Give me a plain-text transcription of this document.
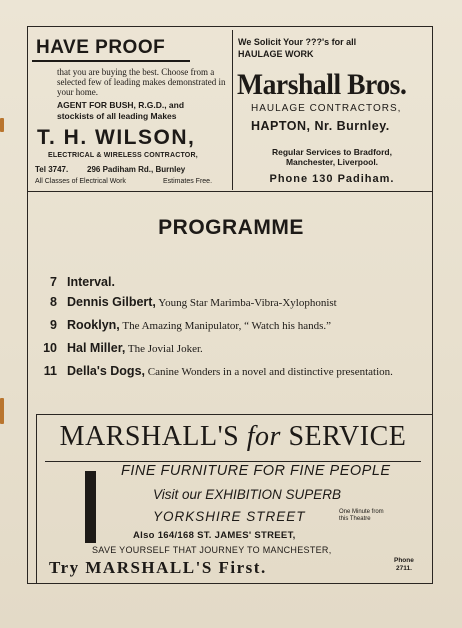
HAVE PROOF
that you are buying the best. Choose from a selected few of leading makes demonstrated in your home.
AGENT FOR BUSH, R.G.D., and
stockists of all leading Makes
T. H. WILSON,
ELECTRICAL & WIRELESS CONTRACTOR,
Tel 3747. 296 Padiham Rd., Burnley
All Classes of Electrical Work	Estimates Free.
We Solicit Your ???'s for all
HAULAGE WORK
Marshall Bros.
HAULAGE CONTRACTORS,
HAPTON, Nr. Burnley.
Regular Services to Bradford,
Manchester, Liverpool.
Phone 130 Padiham.
PROGRAMME
7 Interval.
8 Dennis Gilbert, Young Star Marimba-Vibra-Xylophonist
9 Rooklyn, The Amazing Manipulator, “ Watch his hands.”
10 Hal Miller, The Jovial Joker.
11 Della's Dogs, Canine Wonders in a novel and distinctive presentation.
MARSHALL'S for SERVICE
FINE FURNITURE FOR FINE PEOPLE
Visit our EXHIBITION SUPERB
YORKSHIRE STREET	One Minute from
this Theatre
Also 164/168 ST. JAMES' STREET,
SAVE YOURSELF THAT JOURNEY TO MANCHESTER,
Try MARSHALL'S First.	Phone
2711.
